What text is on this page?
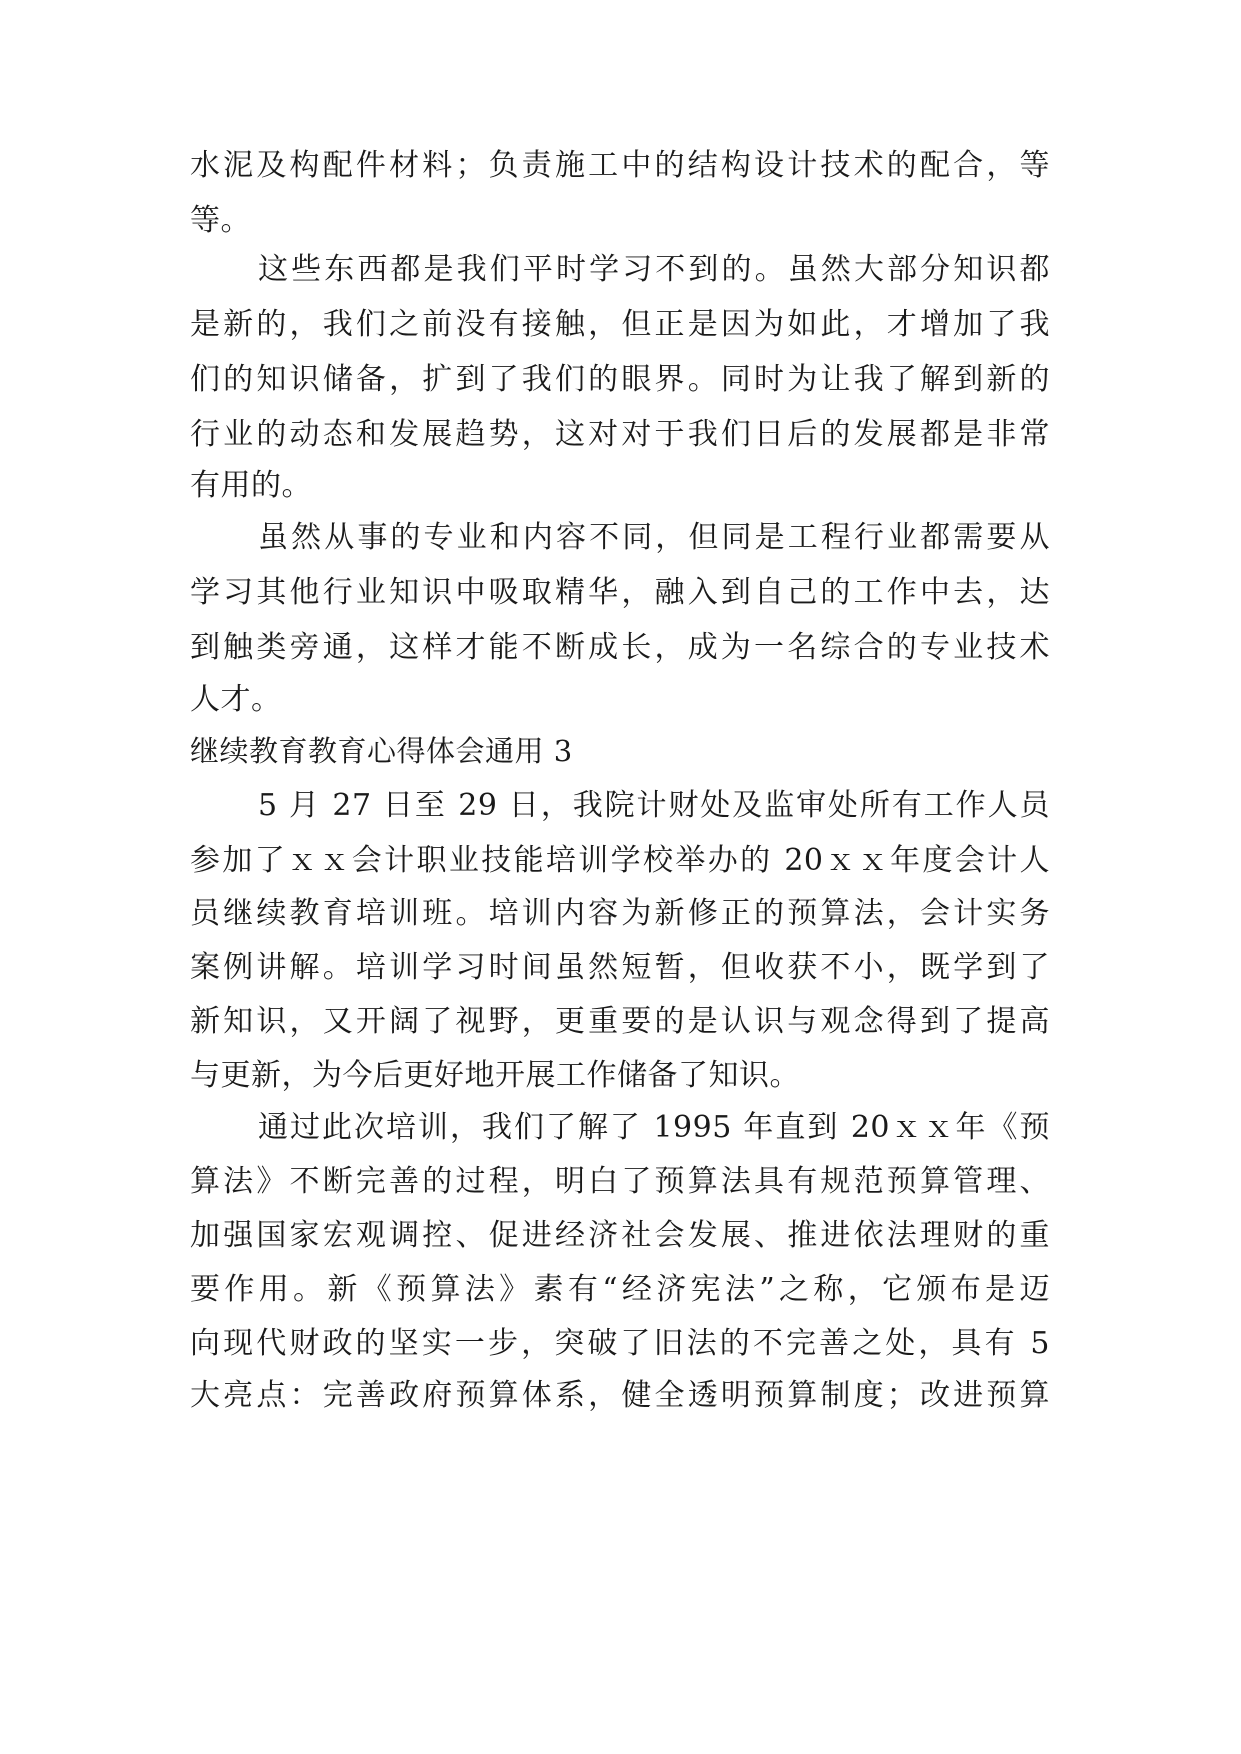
水泥及构配件材料；负责施工中的结构设计技术的配合，等

等。

这些东西都是我们平时学习不到的。虽然大部分知识都

是新的，我们之前没有接触，但正是因为如此，才增加了我

们的知识储备，扩到了我们的眼界。同时为让我了解到新的

行业的动态和发展趋势，这对对于我们日后的发展都是非常

有用的。

虽然从事的专业和内容不同，但同是工程行业都需要从

学习其他行业知识中吸取精华，融入到自己的工作中去，达

到触类旁通，这样才能不断成长，成为一名综合的专业技术

人才。

继续教育教育心得体会通用 3

5 月 27 日至 29 日，我院计财处及监审处所有工作人员

参加了ｘｘ会计职业技能培训学校举办的 20ｘｘ年度会计人

员继续教育培训班。培训内容为新修正的预算法，会计实务

案例讲解。培训学习时间虽然短暂，但收获不小，既学到了

新知识，又开阔了视野，更重要的是认识与观念得到了提高

与更新，为今后更好地开展工作储备了知识。

通过此次培训，我们了解了 1995 年直到 20ｘｘ年《预

算法》不断完善的过程，明白了预算法具有规范预算管理、

加强国家宏观调控、促进经济社会发展、推进依法理财的重

要作用。新《预算法》素有“经济宪法”之称，它颁布是迈

向现代财政的坚实一步，突破了旧法的不完善之处，具有 5

大亮点：完善政府预算体系，健全透明预算制度；改进预算
